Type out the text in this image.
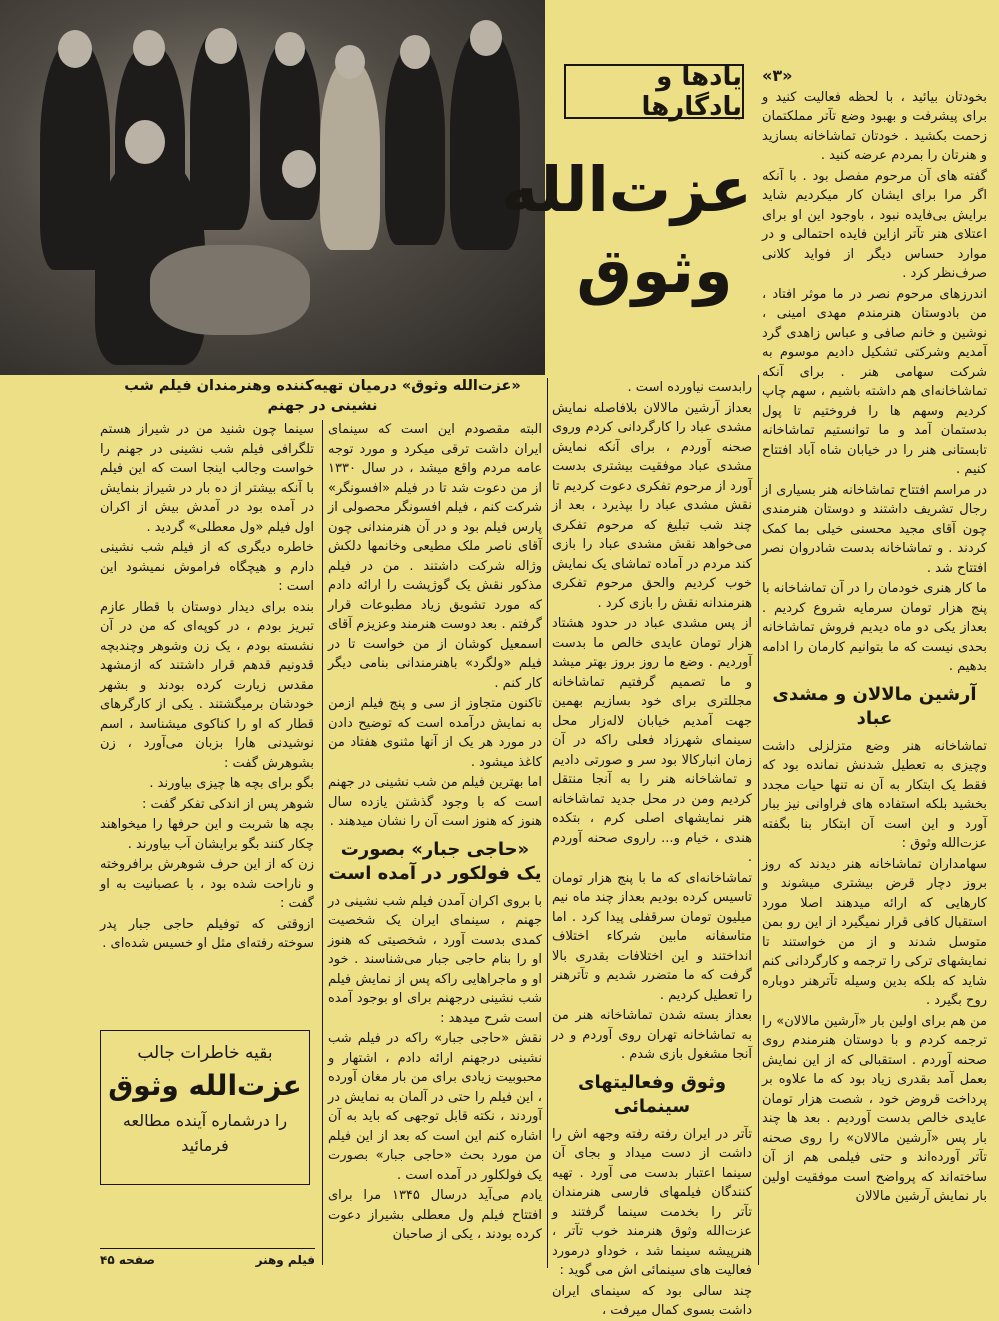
یادها و یادگارها
عزت‌الله
وثوق
«۳»

بخودتان بیائید ، با لحظه فعالیت کنید و برای پیشرفت و بهبود وضع تآتر مملکتمان زحمت بکشید . خودتان تماشاخانه بسازید و هنرتان را بمردم عرضه کنید .

گفته های آن مرحوم مفصل بود . با آنکه اگر مرا برای ایشان کار میکردیم شاید برایش بی‌فایده نبود ، باوجود این او برای اعتلای هنر تآتر ازاین فایده احتمالی و در موارد حساس دیگر از فواید کلانی صرف‌نظر کرد .

اندرزهای مرحوم نصر در ما موثر افتاد ، من بادوستان هنرمندم مهدی امینی ، نوشین و خانم صافی و عباس زاهدی گرد آمدیم وشرکتی تشکیل دادیم موسوم به شرکت سهامی هنر . برای آنکه تماشاخانه‌ای هم داشته باشیم ، سهم چاپ کردیم وسهم ها را فروختیم تا پول بدستمان آمد و ما توانستیم تماشاخانه تابستانی هنر را در خیابان شاه آباد افتتاح کنیم .

در مراسم افتتاح تماشاخانه هنر بسیاری از رجال تشریف داشتند و دوستان هنرمندی چون آقای مجید محسنی خیلی بما کمک کردند . و تماشاخانه بدست شادروان نصر افتتاح شد .

ما کار هنری خودمان را در آن تماشاخانه با پنج هزار تومان سرمایه شروع کردیم . بعداز یکی دو ماه دیدیم فروش تماشاخانه بحدی نیست که ما بتوانیم کارمان را ادامه بدهیم .

آرشین مالالان و مشدی عباد

تماشاخانه هنر وضع متزلزلی داشت وچیزی به تعطیل شدنش نمانده بود که فقط یک ابتکار به آن نه تنها حیات مجدد بخشید بلکه استفاده های فراوانی نیز ببار آورد و این است آن ابتکار بنا بگفته عزت‌الله وثوق :

سهامداران تماشاخانه هنر دیدند که روز بروز دچار قرض بیشتری میشوند و کارهایی که ارائه میدهند اصلا مورد استقبال کافی قرار نمیگیرد از این رو بمن متوسل شدند و از من خواستند تا نمایشهای ترکی را ترجمه و کارگردانی کنم شاید که بلکه بدین وسیله تآترهنر دوباره روح بگیرد .

من هم برای اولین بار «آرشین مالالان» را ترجمه کردم و با دوستان هنرمندم روی صحنه آوردم . استقبالی که از این نمایش بعمل آمد بقدری زیاد بود که ما علاوه بر پرداخت قروض خود ، شصت هزار تومان عایدی خالص بدست آوردیم . بعد ها چند بار پس «آرشین مالالان» را روی صحنه تآتر آورده‌اند و حتی فیلمی هم از آن ساخته‌اند که پرواضح است موفقیت اولین بار نمایش آرشین مالالان

«عزت‌الله وثوق» درمیان تهیه‌کننده وهنرمندان فیلم شب نشینی در جهنم

رابدست نیاورده است .

بعداز آرشین مالالان بلافاصله نمایش مشدی عباد را کارگردانی کردم وروی صحنه آوردم ، برای آنکه نمایش مشدی عباد موفقیت بیشتری بدست آورد از مرحوم تفکری دعوت کردیم تا نقش مشدی عباد را بپذیرد ، بعد از چند شب تبلیغ که مرحوم تفکری می‌خواهد نقش مشدی عباد را بازی کند مردم در آماده تماشای یک نمایش خوب کردیم والحق مرحوم تفکری هنرمندانه نقش را بازی کرد .

از پس مشدی عباد در حدود هشتاد هزار تومان عایدی خالص ما بدست آوردیم . وضع ما روز بروز بهتر میشد و ما تصمیم گرفتیم تماشاخانه مجللتری برای خود بسازیم بهمین جهت آمدیم خیابان لاله‌زار محل سینمای شهرزاد فعلی راکه در آن زمان انبارکالا بود سر و صورتی دادیم و تماشاخانه هنر را به آنجا منتقل کردیم ومن در محل جدید تماشاخانه هنر نمایشهای اصلی کرم ، بتکده هندی ، خیام و... راروی صحنه آوردم .

تماشاخانه‌ای که ما با پنج هزار تومان تاسیس کرده بودیم بعداز چند ماه نیم میلیون تومان سرقفلی پیدا کرد . اما متاسفانه مابین شرکاء اختلاف انداختند و این اختلافات بقدری بالا گرفت که ما متضرر شدیم و تآترهنر را تعطیل کردیم .

بعداز بسته شدن تماشاخانه هنر من به تماشاخانه تهران روی آوردم و در آنجا مشغول بازی شدم .

وثوق وفعالیتهای سینمائی

تآتر در ایران رفته رفته وجهه اش را داشت از دست میداد و بجای آن سینما اعتبار بدست می آورد . تهیه کنندگان فیلمهای فارسی هنرمندان تآتر را بخدمت سینما گرفتند و عزت‌الله وثوق هنرمند خوب تآتر ، هنرپیشه سینما شد ، خوداو درمورد فعالیت های سینمائی اش می گوید :

چند سالی بود که سینمای ایران داشت بسوی کمال میرفت ،

البته مقصودم این است که سینمای ایران داشت ترقی میکرد و مورد توجه عامه مردم واقع میشد ، در سال ۱۳۳۰ از من دعوت شد تا در فیلم «افسونگر» شرکت کنم ، فیلم افسونگر محصولی از پارس فیلم بود و در آن هنرمندانی چون آقای ناصر ملک مطیعی وخانمها دلکش وژاله شرکت داشتند . من در فیلم مذکور نقش یک گوژپشت را ارائه دادم که مورد تشویق زیاد مطبوعات قرار گرفتم . بعد دوست هنرمند وعزیزم آقای اسمعیل کوشان از من خواست تا در فیلم «ولگرد» باهنرمندانی بنامی دیگر کار کنم .

تاکنون متجاوز از سی و پنج فیلم ازمن به نمایش درآمده است که توضیح دادن در مورد هر یک از آنها مثنوی هفتاد من کاغذ میشود .

اما بهترین فیلم من شب نشینی در جهنم است که با وجود گذشتن یازده سال هنوز که هنوز است آن را نشان میدهند .

«حاجی جبار» بصورت یک فولکور در آمده است

با بروی اکران آمدن فیلم شب نشینی در جهنم ، سینمای ایران یک شخصیت کمدی بدست آورد ، شخصیتی که هنوز او را بنام حاجی جبار می‌شناسند . خود او و ماجراهایی راکه پس از نمایش فیلم شب نشینی درجهنم برای او بوجود آمده است شرح میدهد :

نقش «حاجی جبار» راکه در فیلم شب نشینی درجهنم ارائه دادم ، اشتهار و محبوبیت زیادی برای من بار مغان آورده ، این فیلم را حتی در آلمان به نمایش در آوردند ، نکته قابل توجهی که باید به آن اشاره کنم این است که بعد از این فیلم من مورد بحث «حاجی جبار» بصورت یک فولکلور در آمده است .

یادم می‌آید درسال ۱۳۴۵ مرا برای افتتاح فیلم ول معطلی بشیراز دعوت کرده بودند ، یکی از صاحبان

سینما چون شنید من در شیراز هستم تلگرافی فیلم شب نشینی در جهنم را خواست وجالب اینجا است که این فیلم با آنکه بیشتر از ده بار در شیراز بنمایش در آمده بود در آمدش بیش از اکران اول فیلم «ول معطلی» گردید .

خاطره دیگری که از فیلم شب نشینی دارم و هیچگاه فراموش نمیشود این است :

بنده برای دیدار دوستان با قطار عازم تبریز بودم ، در کوپه‌ای که من در آن نشسته بودم ، یک زن وشوهر وچندبچه قدونیم قدهم قرار داشتند که ازمشهد مقدس زیارت کرده بودند و بشهر خودشان برمیگشتند . یکی از کارگرهای قطار که او را کناکوی میشناسد ، اسم نوشیدنی هارا بزبان می‌آورد ، زن بشوهرش گفت :

بگو برای بچه ها چیزی بیاورند .

شوهر پس از اندکی تفکر گفت :

بچه ها شربت و این حرفها را میخواهند چکار کنند بگو برایشان آب بیاورند .

زن که از این حرف شوهرش برافروخته و ناراحت شده بود ، با عصبانیت به او گفت :

ازوقتی که توفیلم حاجی جبار پدر سوخته رفته‌ای مثل او خسیس شده‌ای .

بقیه خاطرات جالب
عزت‌الله وثوق
را درشماره آینده مطالعه فرمائید
فیلم وهنر
صفحه ۴۵
